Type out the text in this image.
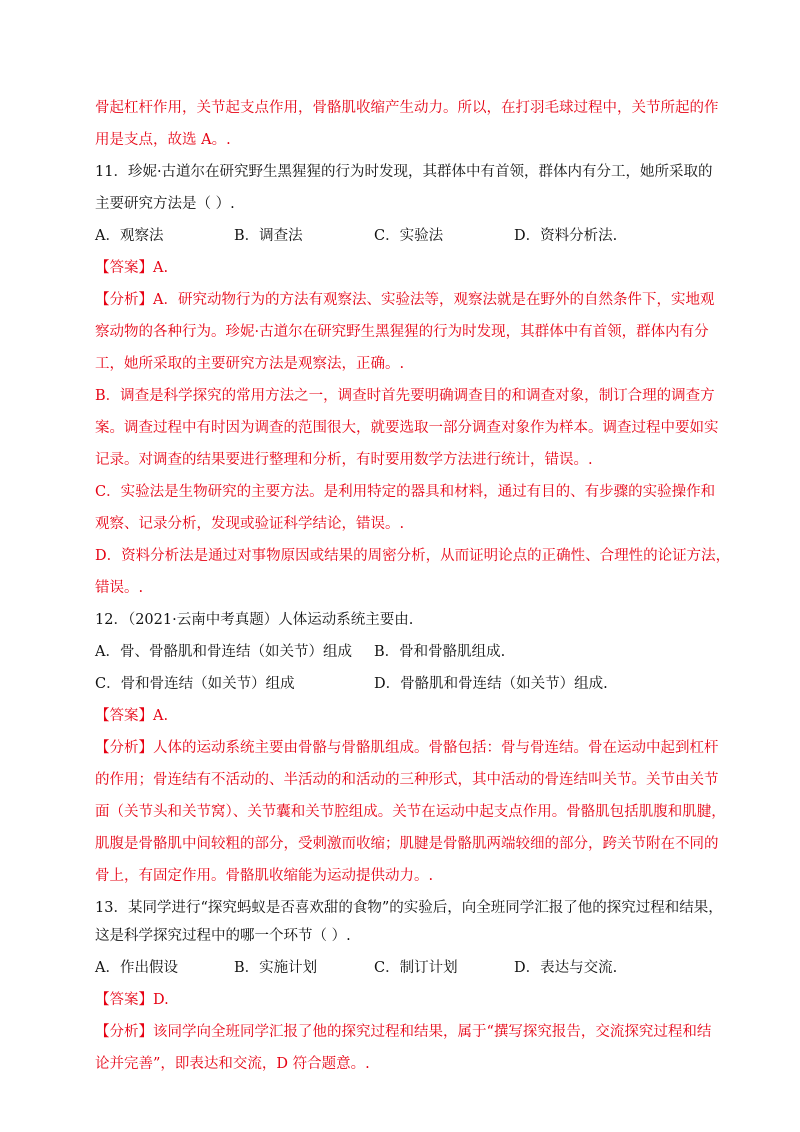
骨起杠杆作用，关节起支点作用，骨骼肌收缩产生动力。所以，在打羽毛球过程中，关节所起的作
用是支点，故选 A。.
11．珍妮·古道尔在研究野生黑猩猩的行为时发现，其群体中有首领，群体内有分工，她所采取的
主要研究方法是（ ）.
A．观察法	B．调查法	C．实验法	D．资料分析法.
【答案】A.
【分析】A．研究动物行为的方法有观察法、实验法等，观察法就是在野外的自然条件下，实地观
察动物的各种行为。珍妮·古道尔在研究野生黑猩猩的行为时发现，其群体中有首领，群体内有分
工，她所采取的主要研究方法是观察法，正确。.
B．调查是科学探究的常用方法之一，调查时首先要明确调查目的和调查对象，制订合理的调查方
案。调查过程中有时因为调查的范围很大，就要选取一部分调查对象作为样本。调查过程中要如实
记录。对调查的结果要进行整理和分析，有时要用数学方法进行统计，错误。.
C．实验法是生物研究的主要方法。是利用特定的器具和材料，通过有目的、有步骤的实验操作和
观察、记录分析，发现或验证科学结论，错误。.
D．资料分析法是通过对事物原因或结果的周密分析，从而证明论点的正确性、合理性的论证方法，
错误。.
12．（2021·云南中考真题）人体运动系统主要由.
A．骨、骨骼肌和骨连结（如关节）组成 B．骨和骨骼肌组成.
C．骨和骨连结（如关节）组成	D．骨骼肌和骨连结（如关节）组成.
【答案】A.
【分析】人体的运动系统主要由骨骼与骨骼肌组成。骨骼包括：骨与骨连结。骨在运动中起到杠杆
的作用；骨连结有不活动的、半活动的和活动的三种形式，其中活动的骨连结叫关节。关节由关节
面（关节头和关节窝）、关节囊和关节腔组成。关节在运动中起支点作用。骨骼肌包括肌腹和肌腱，
肌腹是骨骼肌中间较粗的部分，受刺激而收缩；肌腱是骨骼肌两端较细的部分，跨关节附在不同的
骨上，有固定作用。骨骼肌收缩能为运动提供动力。.
13．某同学进行“探究蚂蚁是否喜欢甜的食物”的实验后，向全班同学汇报了他的探究过程和结果，
这是科学探究过程中的哪一个环节（ ）.
A．作出假设	B．实施计划	C．制订计划	D．表达与交流.
【答案】D.
【分析】该同学向全班同学汇报了他的探究过程和结果，属于“撰写探究报告，交流探究过程和结
论并完善”，即表达和交流，D 符合题意。.
